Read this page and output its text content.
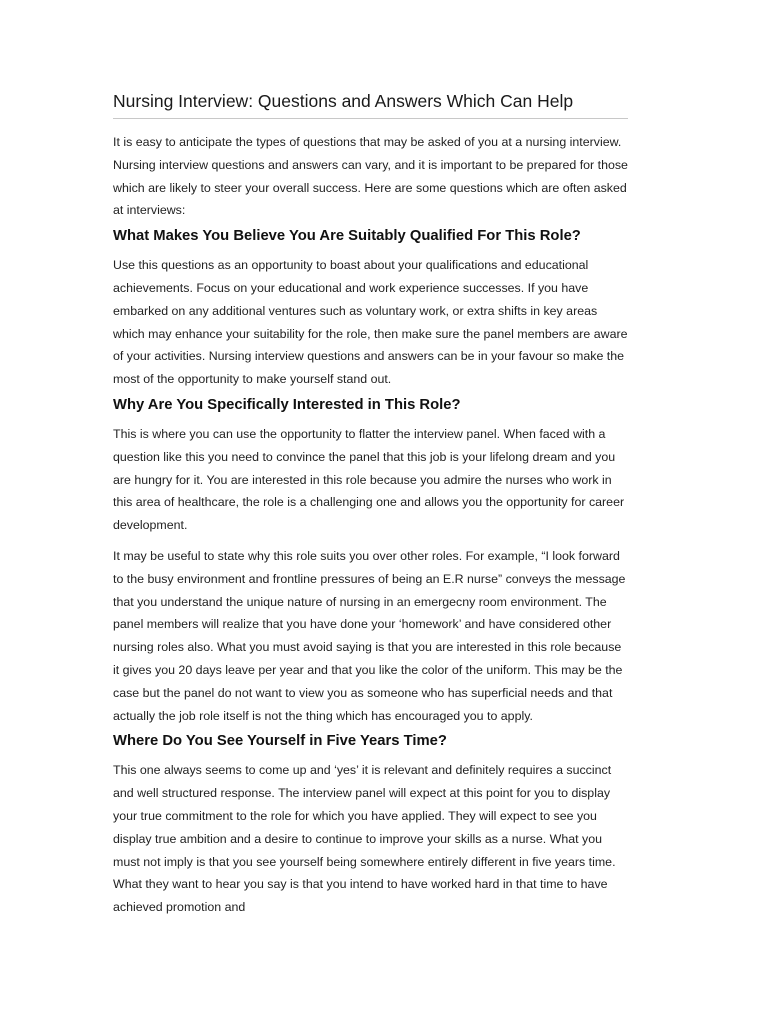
Nursing Interview: Questions and Answers Which Can Help

It is easy to anticipate the types of questions that may be asked of you at a nursing interview. Nursing interview questions and answers can vary, and it is important to be prepared for those which are likely to steer your overall success. Here are some questions which are often asked at interviews:

What Makes You Believe You Are Suitably Qualified For This Role?

Use this questions as an opportunity to boast about your qualifications and educational achievements. Focus on your educational and work experience successes. If you have embarked on any additional ventures such as voluntary work, or extra shifts in key areas which may enhance your suitability for the role, then make sure the panel members are aware of your activities. Nursing interview questions and answers can be in your favour so make the most of the opportunity to make yourself stand out.

Why Are You Specifically Interested in This Role?

This is where you can use the opportunity to flatter the interview panel. When faced with a question like this you need to convince the panel that this job is your lifelong dream and you are hungry for it. You are interested in this role because you admire the nurses who work in this area of healthcare, the role is a challenging one and allows you the opportunity for career development.

It may be useful to state why this role suits you over other roles. For example, “I look forward to the busy environment and frontline pressures of being an E.R nurse” conveys the message that you understand the unique nature of nursing in an emergecny room environment. The panel members will realize that you have done your ‘homework’ and have considered other nursing roles also. What you must avoid saying is that you are interested in this role because it gives you 20 days leave per year and that you like the color of the uniform. This may be the case but the panel do not want to view you as someone who has superficial needs and that actually the job role itself is not the thing which has encouraged you to apply.

Where Do You See Yourself in Five Years Time?

This one always seems to come up and ‘yes’ it is relevant and definitely requires a succinct and well structured response. The interview panel will expect at this point for you to display your true commitment to the role for which you have applied. They will expect to see you display true ambition and a desire to continue to improve your skills as a nurse. What you must not imply is that you see yourself being somewhere entirely different in five years time. What they want to hear you say is that you intend to have worked hard in that time to have achieved promotion and
